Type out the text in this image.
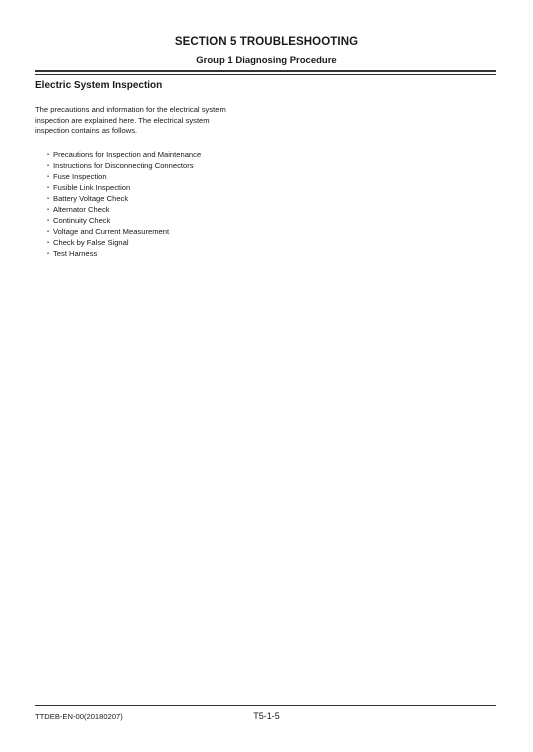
SECTION 5 TROUBLESHOOTING
Group 1 Diagnosing Procedure
Electric System Inspection
The precautions and information for the electrical system
inspection are explained here. The electrical system
inspection contains as follows.
・ Precautions for Inspection and Maintenance
・ Instructions for Disconnecting Connectors
・ Fuse Inspection
・ Fusible Link Inspection
・ Battery Voltage Check
・ Alternator Check
・ Continuity Check
・ Voltage and Current Measurement
・ Check by False Signal
・ Test Harness
TTDEB-EN-00(20180207)	T5-1-5
